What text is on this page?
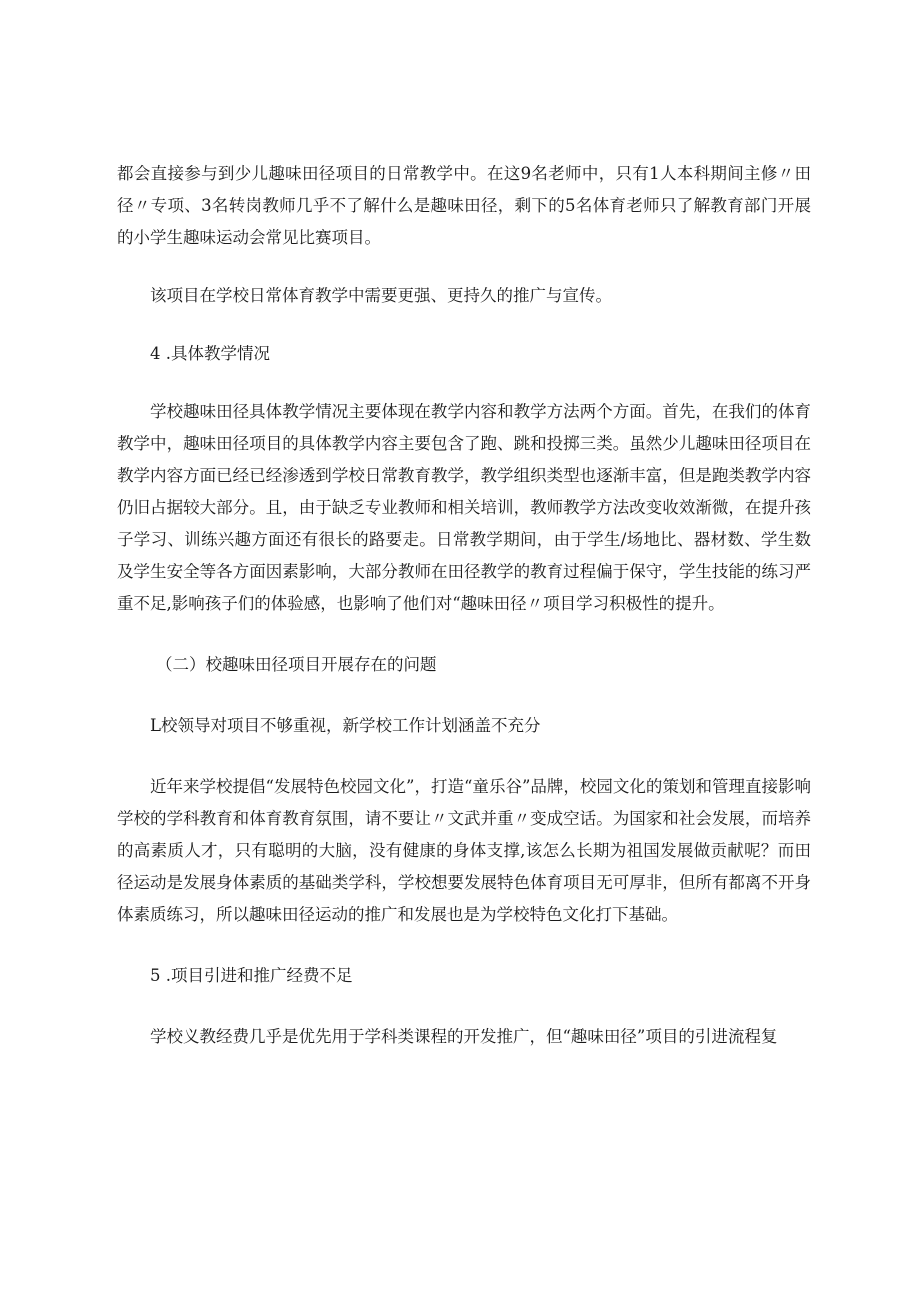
都会直接参与到少儿趣味田径项目的日常教学中。在这9名老师中，只有1人本科期间主修〃田径〃专项、3名转岗教师几乎不了解什么是趣味田径，剩下的5名体育老师只了解教育部门开展的小学生趣味运动会常见比赛项目。

该项目在学校日常体育教学中需要更强、更持久的推广与宣传。

4 .具体教学情况

学校趣味田径具体教学情况主要体现在教学内容和教学方法两个方面。首先，在我们的体育教学中，趣味田径项目的具体教学内容主要包含了跑、跳和投掷三类。虽然少儿趣味田径项目在教学内容方面已经已经渗透到学校日常教育教学，教学组织类型也逐渐丰富，但是跑类教学内容仍旧占据较大部分。且，由于缺乏专业教师和相关培训，教师教学方法改变收效渐微，在提升孩子学习、训练兴趣方面还有很长的路要走。日常教学期间，由于学生/场地比、器材数、学生数及学生安全等各方面因素影响，大部分教师在田径教学的教育过程偏于保守，学生技能的练习严重不足,影响孩子们的体验感，也影响了他们对“趣味田径〃项目学习积极性的提升。

（二）校趣味田径项目开展存在的问题

L校领导对项目不够重视，新学校工作计划涵盖不充分

近年来学校提倡“发展特色校园文化”，打造“童乐谷”品牌，校园文化的策划和管理直接影响学校的学科教育和体育教育氛围，请不要让〃文武并重〃变成空话。为国家和社会发展，而培养的高素质人才，只有聪明的大脑，没有健康的身体支撑,该怎么长期为祖国发展做贡献呢？而田径运动是发展身体素质的基础类学科，学校想要发展特色体育项目无可厚非，但所有都离不开身体素质练习，所以趣味田径运动的推广和发展也是为学校特色文化打下基础。

5 .项目引进和推广经费不足

学校义教经费几乎是优先用于学科类课程的开发推广，但“趣味田径”项目的引进流程复
